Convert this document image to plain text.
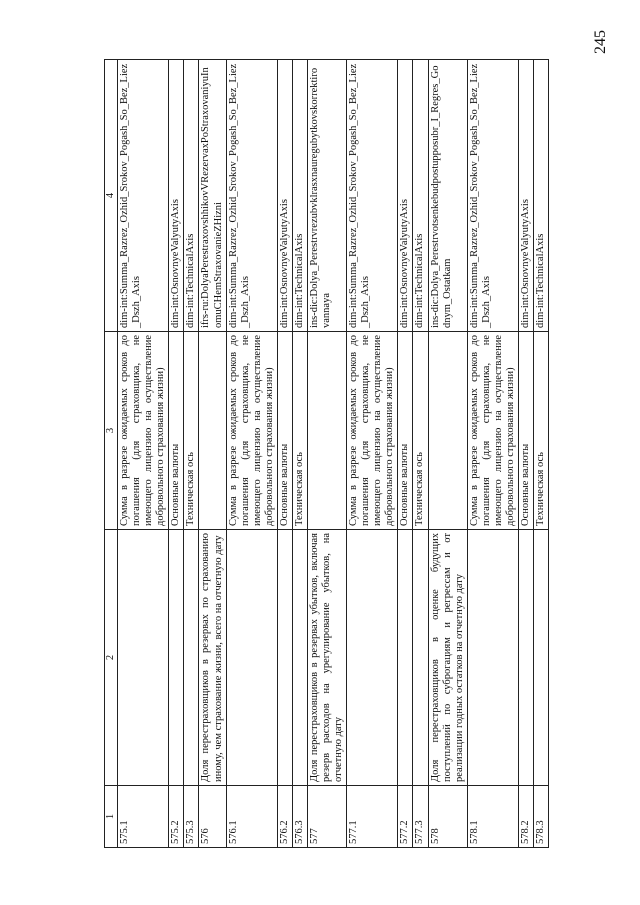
245
1	2	3	4
575.1		Сумма в разрезе ожидаемых сроков до погашения (для страховщика, не имеющего лицензию на осуществление добровольного страхования жизни)	dim-int:Summa_Razrez_Ozhid_Srokov_Pogash_So_Bez_Liez_Dszh_Axis
575.2		Основные валюты	dim-int:OsnovnyeValyutyAxis
575.3		Техническая ось	dim-int:TechnicalAxis
576	Доля перестраховщиков в резервах по страхованию иному, чем страхование жизни, всего на отчетную дату		ifrs-ru:DolyaPerestraxovshhikovVRezervaxPoStraxovaniyuInomuCHemStraxovanieZHizni
576.1		Сумма в разрезе ожидаемых сроков до погашения (для страховщика, не имеющего лицензию на осуществление добровольного страхования жизни)	dim-int:Summa_Razrez_Ozhid_Srokov_Pogash_So_Bez_Liez_Dszh_Axis
576.2		Основные валюты	dim-int:OsnovnyeValyutyAxis
576.3		Техническая ось	dim-int:TechnicalAxis
577	Доля перестраховщиков в резервах убытков, включая резерв расходов на урегулирование убытков, на отчетную дату		ins-dic:Dolya_Perestrvrezubvklrasxnauregubytkovskorrektirovannaya
577.1		Сумма в разрезе ожидаемых сроков до погашения (для страховщика, не имеющего лицензию на осуществление добровольного страхования жизни)	dim-int:Summa_Razrez_Ozhid_Srokov_Pogash_So_Bez_Liez_Dszh_Axis
577.2		Основные валюты	dim-int:OsnovnyeValyutyAxis
577.3		Техническая ось	dim-int:TechnicalAxis
578	Доля перестраховщиков в оценке будущих поступлений по суброгациям и регрессам и от реализации годных остатков на отчетную дату		ins-dic:Dolya_Perestrvotsenkebudpostupposubr_I_Regres_Godnym_Ostatkam
578.1		Сумма в разрезе ожидаемых сроков до погашения (для страховщика, не имеющего лицензию на осуществление добровольного страхования жизни)	dim-int:Summa_Razrez_Ozhid_Srokov_Pogash_So_Bez_Liez_Dszh_Axis
578.2		Основные валюты	dim-int:OsnovnyeValyutyAxis
578.3		Техническая ось	dim-int:TechnicalAxis
